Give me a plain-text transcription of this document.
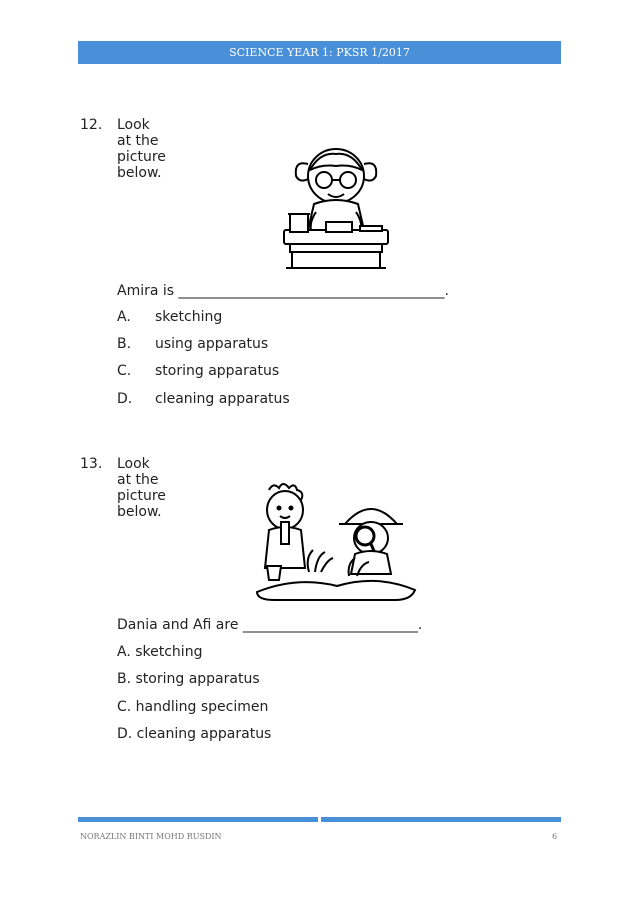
SCIENCE YEAR 1: PKSR 1/2017
12. Look at the picture below.
Amira is ______________________________________.
A. sketching
B. using apparatus
C. storing apparatus
D. cleaning apparatus
13. Look at the picture below.
Dania and Afi are _________________________.
A. sketching
B. storing apparatus
C. handling specimen
D. cleaning apparatus
NORAZLIN BINTI MOHD RUSDIN	6
